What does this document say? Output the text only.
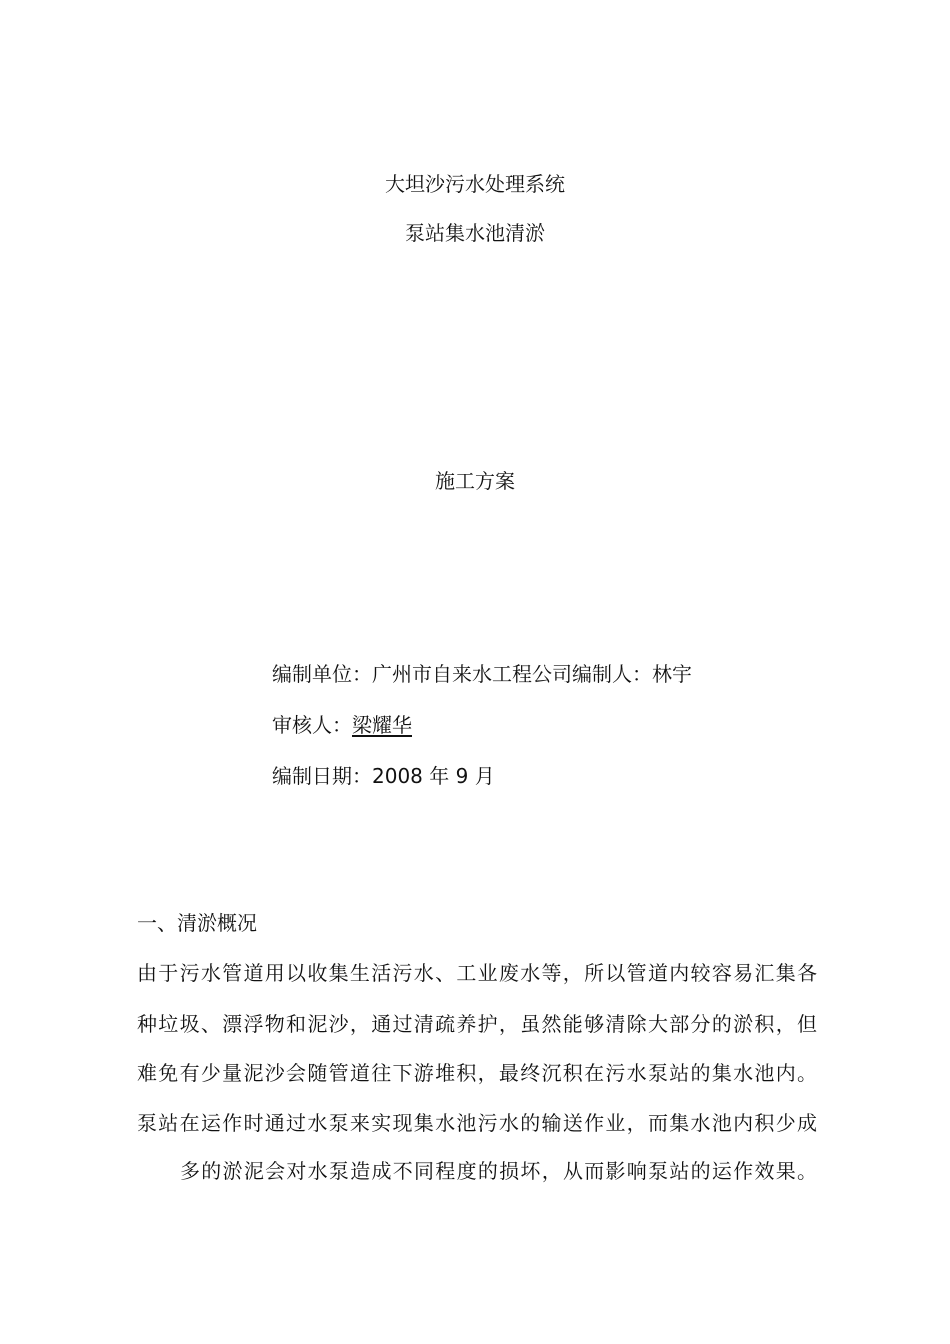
大坦沙污水处理系统
泵站集水池清淤
施工方案
编制单位：广州市自来水工程公司编制人：林宇
审核人：梁耀华
编制日期：2008 年 9 月
一、清淤概况
由于污水管道用以收集生活污水、工业废水等，所以管道内较容易汇集各
种垃圾、漂浮物和泥沙，通过清疏养护，虽然能够清除大部分的淤积，但
难免有少量泥沙会随管道往下游堆积，最终沉积在污水泵站的集水池内。
泵站在运作时通过水泵来实现集水池污水的输送作业，而集水池内积少成
多的淤泥会对水泵造成不同程度的损坏，从而影响泵站的运作效果。
